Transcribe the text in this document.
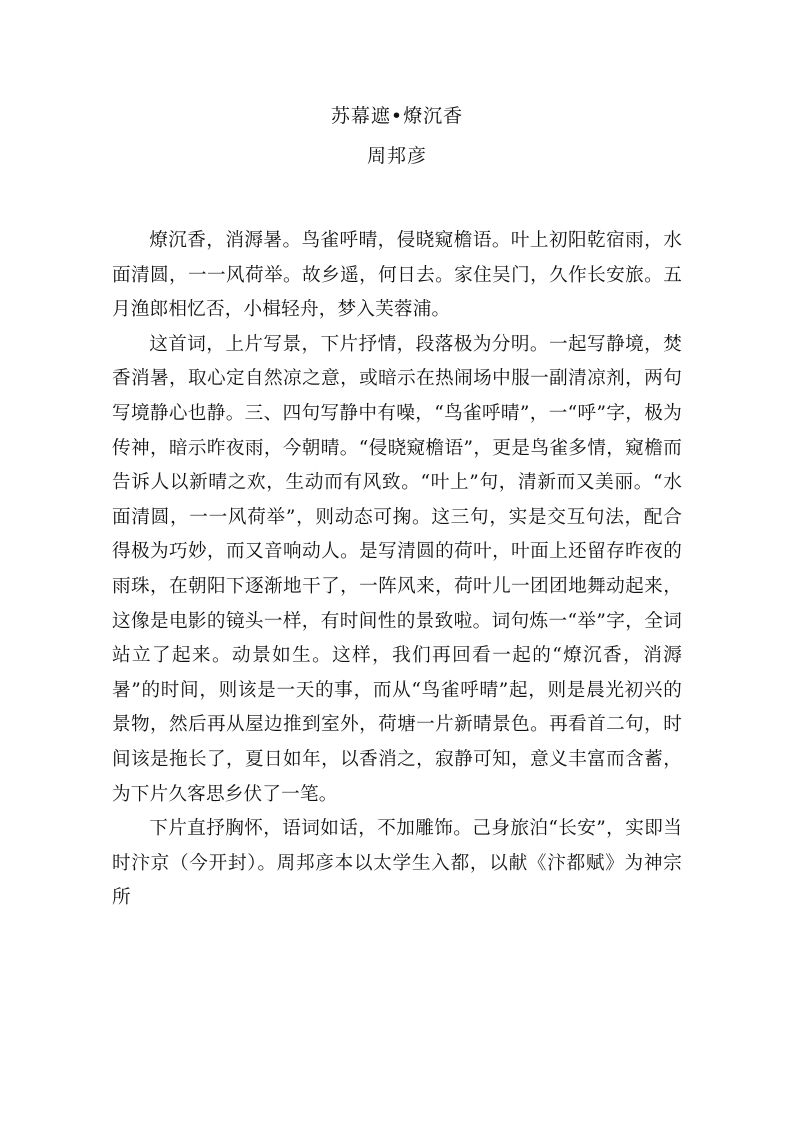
苏幕遮•燎沉香
周邦彦

燎沉香，消溽暑。鸟雀呼晴，侵晓窥檐语。叶上初阳乾宿雨，水面清圆，一一风荷举。故乡遥，何日去。家住吴门，久作长安旅。五月渔郎相忆否，小楫轻舟，梦入芙蓉浦。

这首词，上片写景，下片抒情，段落极为分明。一起写静境，焚香消暑，取心定自然凉之意，或暗示在热闹场中服一副清凉剂，两句写境静心也静。三、四句写静中有噪，“鸟雀呼晴”，一“呼”字，极为传神，暗示昨夜雨，今朝晴。“侵晓窥檐语”，更是鸟雀多情，窥檐而告诉人以新晴之欢，生动而有风致。“叶上”句，清新而又美丽。“水面清圆，一一风荷举”，则动态可掬。这三句，实是交互句法，配合得极为巧妙，而又音响动人。是写清圆的荷叶，叶面上还留存昨夜的雨珠，在朝阳下逐渐地干了，一阵风来，荷叶儿一团团地舞动起来，这像是电影的镜头一样，有时间性的景致啦。词句炼一“举”字，全词站立了起来。动景如生。这样，我们再回看一起的“燎沉香，消溽暑”的时间，则该是一天的事，而从“鸟雀呼晴”起，则是晨光初兴的景物，然后再从屋边推到室外，荷塘一片新晴景色。再看首二句，时间该是拖长了，夏日如年，以香消之，寂静可知，意义丰富而含蓄，为下片久客思乡伏了一笔。

下片直抒胸怀，语词如话，不加雕饰。己身旅泊“长安”，实即当时汴京（今开封）。周邦彦本以太学生入都，以献《汴都赋》为神宗所
